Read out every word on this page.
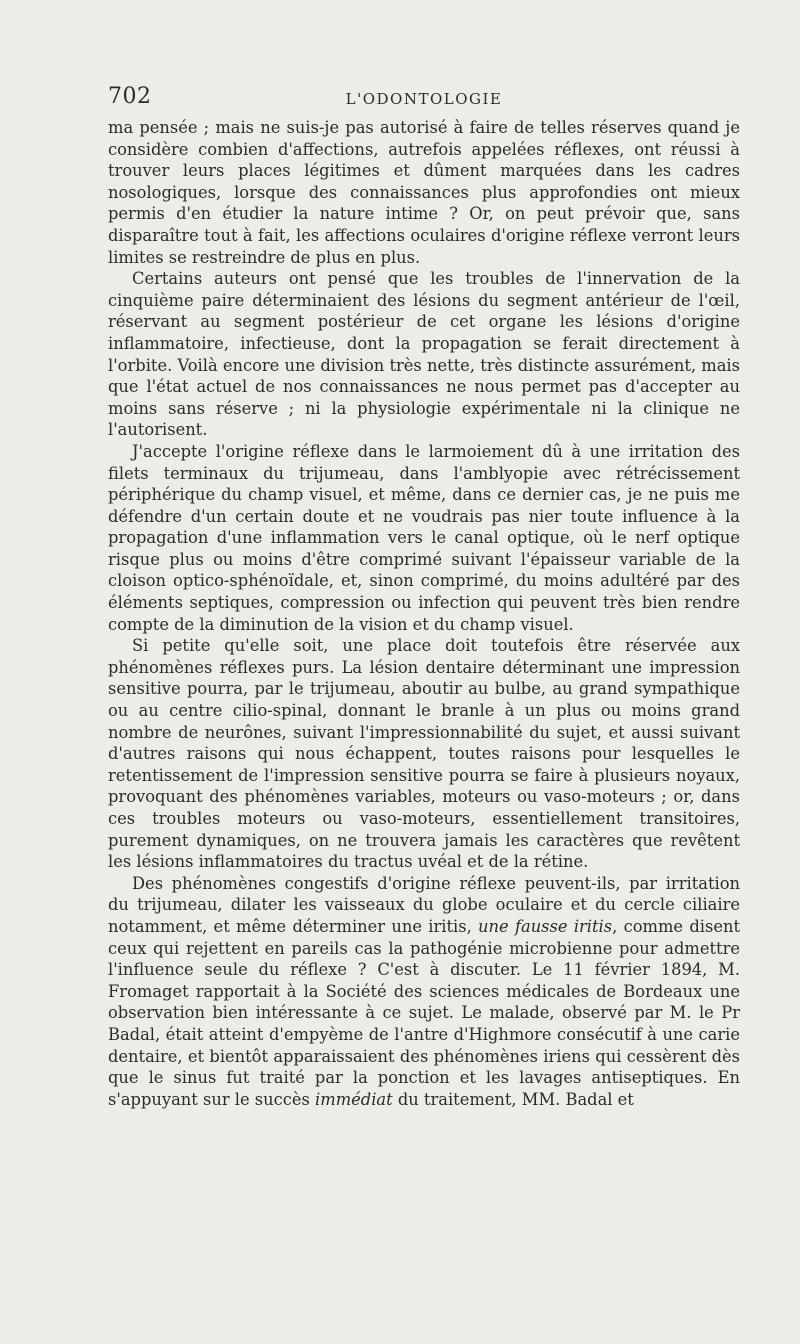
702	L'ODONTOLOGIE

ma pensée ; mais ne suis-je pas autorisé à faire de telles réserves quand je considère combien d'affections, autrefois appelées réflexes, ont réussi à trouver leurs places légitimes et dûment marquées dans les cadres nosologiques, lorsque des connaissances plus approfondies ont mieux permis d'en étudier la nature intime ? Or, on peut prévoir que, sans disparaître tout à fait, les affections oculaires d'origine réflexe verront leurs limites se restreindre de plus en plus.

Certains auteurs ont pensé que les troubles de l'innervation de la cinquième paire déterminaient des lésions du segment antérieur de l'œil, réservant au segment postérieur de cet organe les lésions d'origine inflammatoire, infectieuse, dont la propagation se ferait directement à l'orbite. Voilà encore une division très nette, très distincte assurément, mais que l'état actuel de nos connaissances ne nous permet pas d'accepter au moins sans réserve ; ni la physiologie expérimentale ni la clinique ne l'autorisent.

J'accepte l'origine réflexe dans le larmoiement dû à une irritation des filets terminaux du trijumeau, dans l'amblyopie avec rétrécissement périphérique du champ visuel, et même, dans ce dernier cas, je ne puis me défendre d'un certain doute et ne voudrais pas nier toute influence à la propagation d'une inflammation vers le canal optique, où le nerf optique risque plus ou moins d'être comprimé suivant l'épaisseur variable de la cloison optico-sphénoïdale, et, sinon comprimé, du moins adultéré par des éléments septiques, compression ou infection qui peuvent très bien rendre compte de la diminution de la vision et du champ visuel.

Si petite qu'elle soit, une place doit toutefois être réservée aux phénomènes réflexes purs. La lésion dentaire déterminant une impression sensitive pourra, par le trijumeau, aboutir au bulbe, au grand sympathique ou au centre cilio-spinal, donnant le branle à un plus ou moins grand nombre de neurônes, suivant l'impressionnabilité du sujet, et aussi suivant d'autres raisons qui nous échappent, toutes raisons pour lesquelles le retentissement de l'impression sensitive pourra se faire à plusieurs noyaux, provoquant des phénomènes variables, moteurs ou vaso-moteurs ; or, dans ces troubles moteurs ou vaso-moteurs, essentiellement transitoires, purement dynamiques, on ne trouvera jamais les caractères que revêtent les lésions inflammatoires du tractus uvéal et de la rétine.

Des phénomènes congestifs d'origine réflexe peuvent-ils, par irritation du trijumeau, dilater les vaisseaux du globe oculaire et du cercle ciliaire notamment, et même déterminer une iritis, une fausse iritis, comme disent ceux qui rejettent en pareils cas la pathogénie microbienne pour admettre l'influence seule du réflexe ? C'est à discuter. Le 11 février 1894, M. Fromaget rapportait à la Société des sciences médicales de Bordeaux une observation bien intéressante à ce sujet. Le malade, observé par M. le Pr Badal, était atteint d'empyème de l'antre d'Highmore consécutif à une carie dentaire, et bientôt apparaissaient des phénomènes iriens qui cessèrent dès que le sinus fut traité par la ponction et les lavages antiseptiques. En s'appuyant sur le succès immédiat du traitement, MM. Badal et
